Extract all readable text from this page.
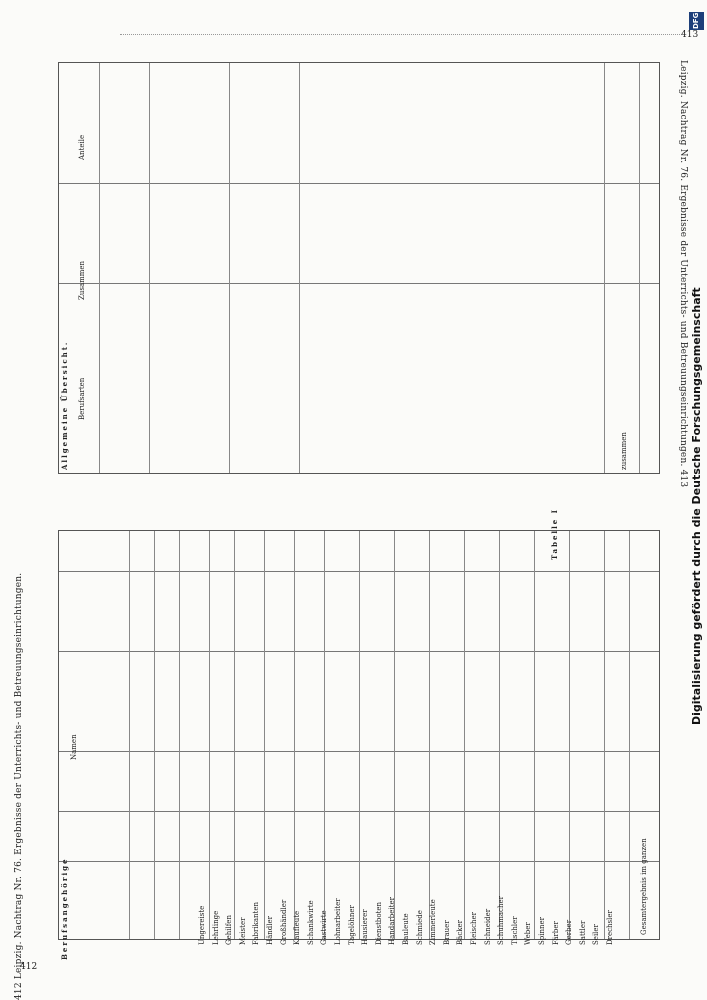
412 Leipzig. Nachtrag Nr. 76. Ergebnisse der Unterrichts- und Betreuungseinrichtungen.
Leipzig. Nachtrag Nr. 76. Ergebnisse der Unterrichts- und Betreuungseinrichtungen. 413
DFG
Digitalisierung gefördert durch die Deutsche Forschungsgemeinschaft
Berufsangehörige
Namen
Tabelle I
Gesamtergebnis im ganzen
Ungereiste Lehrlinge Gehilfen Meister Fabrikanten Händler Großhändler Kaufleute Schankwirte Gastwirte Lohnarbeiter Tagelöhner Hausierer Dienstboten Handarbeiter Bauleute Schmiede Zimmerleute Brauer Bäcker Fleischer Schneider Schuhmacher Tischler Weber Spinner Färber Gerber Sattler Seiler Drechsler
Allgemeine Übersicht. Berufsarten
Zusammen
Anteile
zusammen
412
413
